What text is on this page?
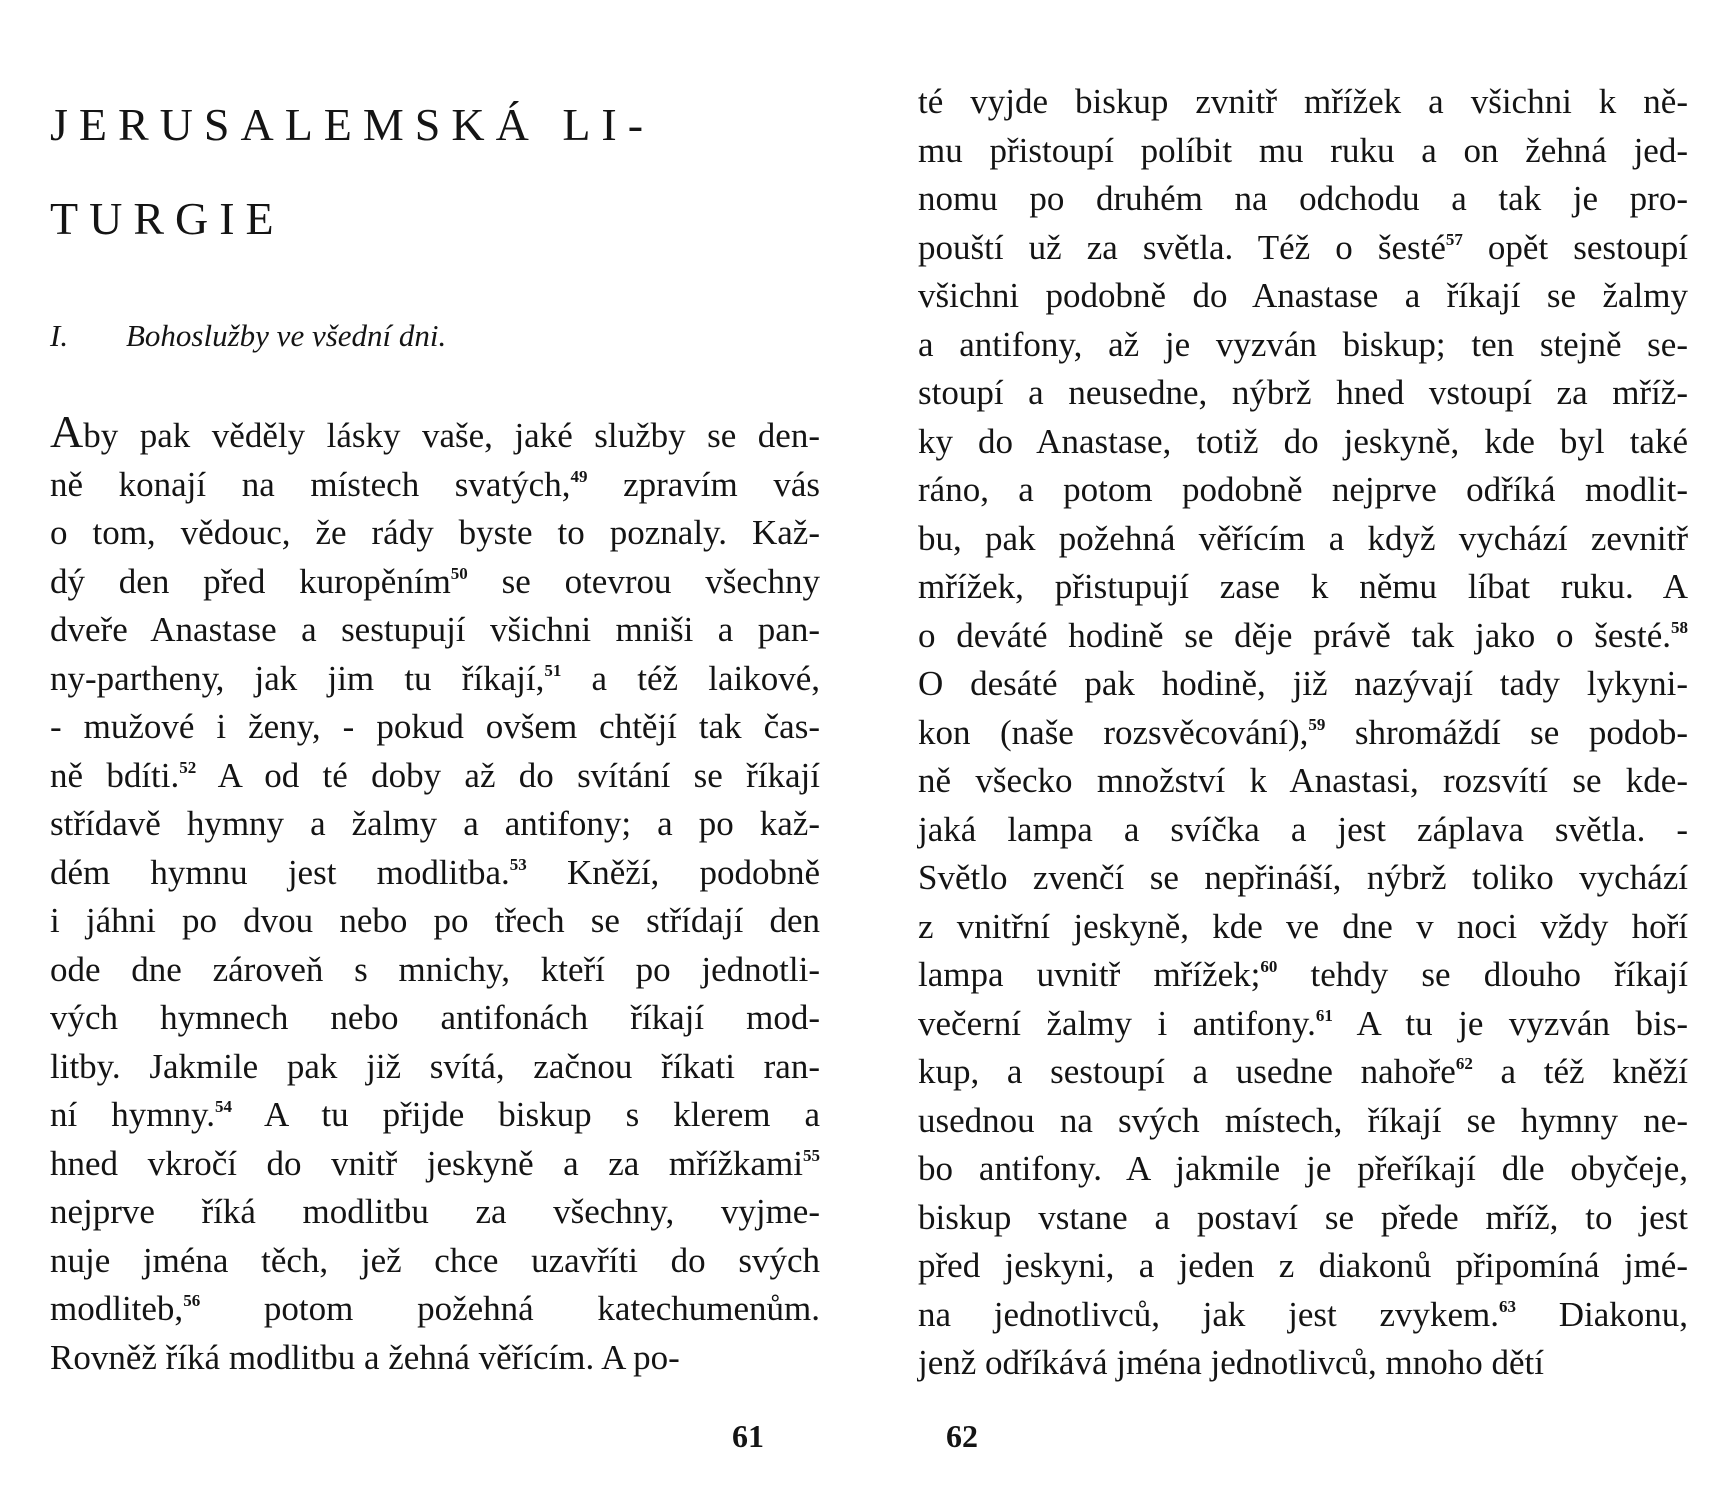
JERUSALEMSKÁ LI-
TURGIE
I. Bohoslužby ve všední dni.
Aby pak věděly lásky vaše, jaké služby se den-
ně konají na místech svatých,$^{49}$ zpravím vás
o tom, vědouc, že rády byste to poznaly. Kaž-
dý den před kuropěním$^{50}$ se otevrou všechny
dveře Anastase a sestupují všichni mniši a pan-
ny-parthenу, jak jim tu říkají,$^{51}$ a též laikové,
- mužové i ženy, - pokud ovšem chtějí tak čas-
ně bdíti.$^{52}$ A od té doby až do svítání se říkají
střídavě hymny a žalmy a antifony; a po kaž-
dém hymnu jest modlitba.$^{53}$ Kněží, podobně
i jáhni po dvou nebo po třech se střídají den
ode dne zároveň s mnichy, kteří po jednotli-
vých hymnech nebo antifonách říkají mod-
litby. Jakmile pak již svítá, začnou říkati ran-
ní hymny.$^{54}$ A tu přijde biskup s klerem a
hned vkročí do vnitř jeskyně a za mřížkami$^{55}$
nejprve říká modlitbu za všechny, vyjme-
nuje jména těch, jež chce uzavříti do svých
modliteb,$^{56}$ potom požehná katechumenům.
Rovněž říká modlitbu a žehná věřícím. A po-
61
té vyjde biskup zvnitř mřížek a všichni k ně-
mu přistoupí políbit mu ruku a on žehná jed-
nomu po druhém na odchodu a tak je pro-
pouští už za světla. Též o šesté$^{57}$ opět sestoupí
všichni podobně do Anastase a říkají se žalmy
a antifony, až je vyzván biskup; ten stejně se-
stoupí a neusedne, nýbrž hned vstoupí za mříž-
ky do Anastase, totiž do jeskyně, kde byl také
ráno, a potom podobně nejprve odříká modlit-
bu, pak požehná věřícím a když vychází zevnitř
mřížek, přistupují zase k němu líbat ruku. A
o deváté hodině se děje právě tak jako o šesté.$^{58}$
O desáté pak hodině, již nazývají tady lykyni-
kon (naše rozsvěcování),$^{59}$ shromáždí se podob-
ně všecko množství k Anastasi, rozsvítí se kde-
jaká lampa a svíčka a jest záplava světla. -
Světlo zvenčí se nepřináší, nýbrž toliko vychází
z vnitřní jeskyně, kde ve dne v noci vždy hoří
lampa uvnitř mřížek;$^{60}$ tehdy se dlouho říkají
večerní žalmy i antifony.$^{61}$ A tu je vyzván bis-
kup, a sestoupí a usedne nahoře$^{62}$ a též kněží
usednou na svých místech, říkají se hymny ne-
bo antifony. A jakmile je přeříkají dle obyčeje,
biskup vstane a postaví se přede mříž, to jest
před jeskyni, a jeden z diakonů připomíná jmé-
na jednotlivců, jak jest zvykem.$^{63}$ Diakonu,
jenž odříkává jména jednotlivců, mnoho dětí
62
